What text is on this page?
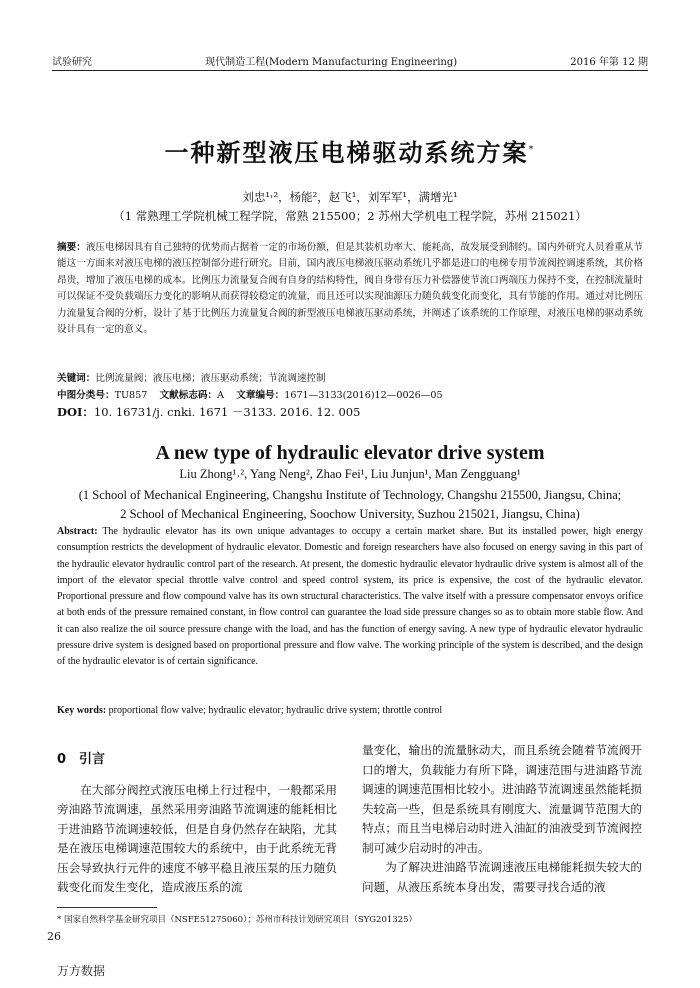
试验研究	现代制造工程(Modern Manufacturing Engineering)	2016 年第 12 期
一种新型液压电梯驱动系统方案*
刘忠¹˒²，杨能²，赵飞¹，刘军军¹，满增光¹
（1 常熟理工学院机械工程学院，常熟 215500；2 苏州大学机电工程学院，苏州 215021）
摘要：液压电梯因具有自己独特的优势而占据着一定的市场份额，但是其装机功率大、能耗高，故发展受到制约。国内外研究人员着重从节能这一方面来对液压电梯的液压控制部分进行研究。目前，国内液压电梯液压驱动系统几乎都是进口的电梯专用节流阀控调速系统，其价格昂贵，增加了液压电梯的成本。比例压力流量复合阀有自身的结构特性，阀自身带有压力补偿器使节流口两端压力保持不变，在控制流量时可以保证不受负载端压力变化的影响从而获得较稳定的流量，而且还可以实现油源压力随负载变化而变化，具有节能的作用。通过对比例压力流量复合阀的分析，设计了基于比例压力流量复合阀的新型液压电梯液压驱动系统，并阐述了该系统的工作原理，对液压电梯的驱动系统设计具有一定的意义。
关键词：比例流量阀；液压电梯；液压驱动系统；节流调速控制
中图分类号：TU857 文献标志码：A 文章编号：1671—3133(2016)12—0026—05
DOI：10. 16731/j. cnki. 1671 －3133. 2016. 12. 005
A new type of hydraulic elevator drive system
Liu Zhong¹˒², Yang Neng², Zhao Fei¹, Liu Junjun¹, Man Zengguang¹
(1 School of Mechanical Engineering, Changshu Institute of Technology, Changshu 215500, Jiangsu, China;
2 School of Mechanical Engineering, Soochow University, Suzhou 215021, Jiangsu, China)
Abstract: The hydraulic elevator has its own unique advantages to occupy a certain market share. But its installed power, high energy consumption restricts the development of hydraulic elevator. Domestic and foreign researchers have also focused on energy saving in this part of the hydraulic elevator hydraulic control part of the research. At present, the domestic hydraulic elevator hydraulic drive system is almost all of the import of the elevator special throttle valve control and speed control system, its price is expensive, the cost of the hydraulic elevator. Proportional pressure and flow compound valve has its own structural characteristics. The valve itself with a pressure compensator envoys orifice at both ends of the pressure remained constant, in flow control can guarantee the load side pressure changes so as to obtain more stable flow. And it can also realize the oil source pressure change with the load, and has the function of energy saving. A new type of hydraulic elevator hydraulic pressure drive system is designed based on proportional pressure and flow valve. The working principle of the system is described, and the design of the hydraulic elevator is of certain significance.
Key words: proportional flow valve; hydraulic elevator; hydraulic drive system; throttle control
0　引言

在大部分阀控式液压电梯上行过程中，一般都采用旁油路节流调速，虽然采用旁油路节流调速的能耗相比于进油路节流调速较低，但是自身仍然存在缺陷，尤其是在液压电梯调速范围较大的系统中，由于此系统无背压会导致执行元件的速度不够平稳且液压泵的压力随负载变化而发生变化，造成液压系的流

量变化，输出的流量脉动大，而且系统会随着节流阀开口的增大，负载能力有所下降，调速范围与进油路节流调速的调速范围相比较小。进油路节流调速虽然能耗损失较高一些，但是系统具有刚度大、流量调节范围大的特点；而且当电梯启动时进入油缸的油液受到节流阀控制可减少启动时的冲击。

为了解决进油路节流调速液压电梯能耗损失较大的问题，从液压系统本身出发，需要寻找合适的液

* 国家自然科学基金研究项目（NSFE51275060）；苏州市科技计划研究项目（SYG201325）
26
万方数据
